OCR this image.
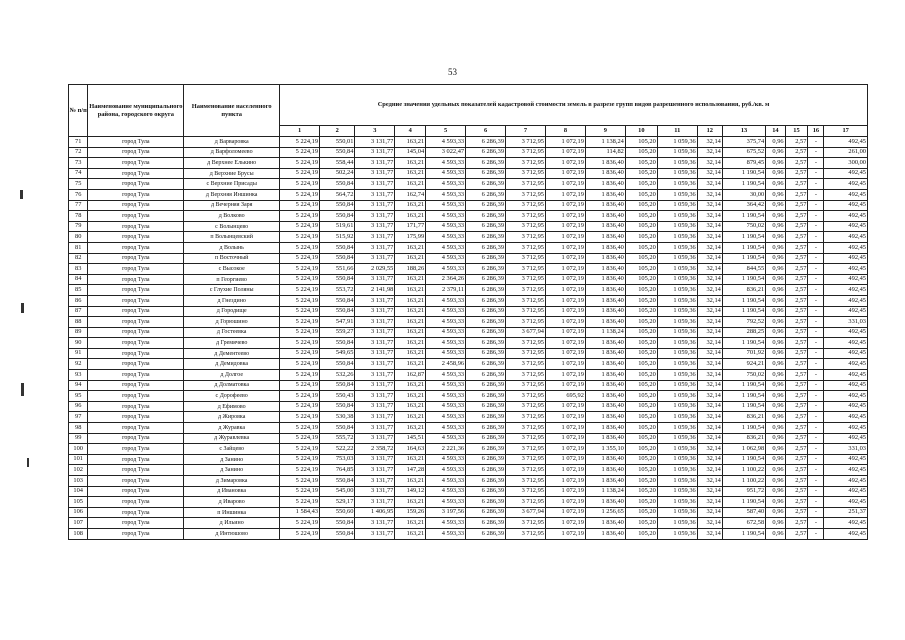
53
№ п/п	Наименование муниципального района, городского округа	Наименование населенного пункта	Средние значения удельных показателей кадастровой стоимости земель в разрезе групп видов разрешенного использования, руб./кв. м																
			1	2	3	4	5	6	7	8	9	10	11	12	13	14	15	16	17
71	город Тула	д Варваровка	5 224,19	550,01	3 131,77	163,21	4 593,33	6 286,39	3 712,95	1 072,19	1 138,24	105,20	1 059,36	32,14	375,74	0,96	2,57	-	492,45
72	город Тула	д Варфоломеево	5 224,19	550,84	3 131,77	145,04	3 022,47	6 286,39	3 712,95	1 072,19	114,82	105,20	1 059,36	32,14	675,52	0,96	2,57	-	261,00
73	город Тула	д Верхнее Елькино	5 224,19	558,44	3 131,77	163,21	4 593,33	6 286,39	3 712,95	1 072,19	1 836,40	105,20	1 059,36	32,14	879,45	0,96	2,57	-	300,00
74	город Тула	д Верхние Брусы	5 224,19	502,24	3 131,77	163,21	4 593,33	6 286,39	3 712,95	1 072,19	1 836,40	105,20	1 059,36	32,14	1 190,54	0,96	2,57	-	492,45
75	город Тула	с Верхние Присады	5 224,19	550,84	3 131,77	163,21	4 593,33	6 286,39	3 712,95	1 072,19	1 836,40	105,20	1 059,36	32,14	1 190,54	0,96	2,57	-	492,45
76	город Тула	д Верхняя Иншинка	5 224,19	564,72	3 131,77	162,74	4 593,33	6 286,39	3 712,95	1 072,19	1 836,40	105,20	1 059,36	32,14	30,00	0,96	2,57	-	492,45
77	город Тула	д Вечерняя Заря	5 224,19	550,84	3 131,77	163,21	4 593,33	6 286,39	3 712,95	1 072,19	1 836,40	105,20	1 059,36	32,14	364,42	0,96	2,57	-	492,45
78	город Тула	д Волково	5 224,19	550,84	3 131,77	163,21	4 593,33	6 286,39	3 712,95	1 072,19	1 836,40	105,20	1 059,36	32,14	1 190,54	0,96	2,57	-	492,45
79	город Тула	с Волынцево	5 224,19	519,61	3 131,77	171,77	4 593,33	6 286,39	3 712,95	1 072,19	1 836,40	105,20	1 059,36	32,14	750,02	0,96	2,57	-	492,45
80	город Тула	п Волынцевский	5 224,19	515,92	3 131,77	175,99	4 593,33	6 286,39	3 712,95	1 072,19	1 836,40	105,20	1 059,36	32,14	1 190,54	0,96	2,57	-	492,45
81	город Тула	д Волынь	5 224,19	550,84	3 131,77	163,21	4 593,33	6 286,39	3 712,95	1 072,19	1 836,40	105,20	1 059,36	32,14	1 190,54	0,96	2,57	-	492,45
82	город Тула	п Восточный	5 224,19	550,84	3 131,77	163,21	4 593,33	6 286,39	3 712,95	1 072,19	1 836,40	105,20	1 059,36	32,14	1 190,54	0,96	2,57	-	492,45
83	город Тула	с Высокое	5 224,19	551,66	2 029,55	188,26	4 593,33	6 286,39	3 712,95	1 072,19	1 836,40	105,20	1 059,36	32,14	844,55	0,96	2,57	-	492,45
84	город Тула	п Георгиево	5 224,19	550,84	3 131,77	163,21	2 364,26	6 286,39	3 712,95	1 072,19	1 836,40	105,20	1 059,36	32,14	1 190,54	0,96	2,57	-	492,45
85	город Тула	с Глухие Поляны	5 224,19	553,72	2 141,98	163,21	2 379,11	6 286,39	3 712,95	1 072,19	1 836,40	105,20	1 059,36	32,14	836,21	0,96	2,57	-	492,45
86	город Тула	д Гнездино	5 224,19	550,84	3 131,77	163,21	4 593,33	6 286,39	3 712,95	1 072,19	1 836,40	105,20	1 059,36	32,14	1 190,54	0,96	2,57	-	492,45
87	город Тула	д Городище	5 224,19	550,84	3 131,77	163,21	4 593,33	6 286,39	3 712,95	1 072,19	1 836,40	105,20	1 059,36	32,14	1 190,54	0,96	2,57	-	492,45
88	город Тула	д Горюшино	5 224,19	547,91	3 131,77	163,21	4 593,33	6 286,39	3 712,95	1 072,19	1 836,40	105,20	1 059,36	32,14	792,52	0,96	2,57	-	331,03
89	город Тула	д Гостеевка	5 224,19	559,27	3 131,77	163,21	4 593,33	6 286,39	3 677,94	1 072,19	1 138,24	105,20	1 059,36	32,14	288,25	0,96	2,57	-	492,45
90	город Тула	д Гремячево	5 224,19	550,84	3 131,77	163,21	4 593,33	6 286,39	3 712,95	1 072,19	1 836,40	105,20	1 059,36	32,14	1 190,54	0,96	2,57	-	492,45
91	город Тула	д Дементеево	5 224,19	549,65	3 131,77	163,21	4 593,33	6 286,39	3 712,95	1 072,19	1 836,40	105,20	1 059,36	32,14	701,92	0,96	2,57	-	492,45
92	город Тула	д Демидовка	5 224,19	550,84	3 131,77	163,21	2 458,96	6 286,39	3 712,95	1 072,19	1 836,40	105,20	1 059,36	32,14	924,21	0,96	2,57	-	492,45
93	город Тула	д Долгое	5 224,19	532,26	3 131,77	162,87	4 593,33	6 286,39	3 712,95	1 072,19	1 836,40	105,20	1 059,36	32,14	750,02	0,96	2,57	-	492,45
94	город Тула	д Долматовка	5 224,19	550,84	3 131,77	163,21	4 593,33	6 286,39	3 712,95	1 072,19	1 836,40	105,20	1 059,36	32,14	1 190,54	0,96	2,57	-	492,45
95	город Тула	с Дорофеево	5 224,19	550,43	3 131,77	163,21	4 593,33	6 286,39	3 712,95	695,92	1 836,40	105,20	1 059,36	32,14	1 190,54	0,96	2,57	-	492,45
96	город Тула	д Ефимово	5 224,19	550,84	3 131,77	163,21	4 593,33	6 286,39	3 712,95	1 072,19	1 836,40	105,20	1 059,36	32,14	1 190,54	0,96	2,57	-	492,45
97	город Тула	д Жировка	5 224,19	530,38	3 131,77	163,21	4 593,33	6 286,39	3 712,95	1 072,19	1 836,40	105,20	1 059,36	32,14	836,21	0,96	2,57	-	492,45
98	город Тула	д Журавка	5 224,19	550,84	3 131,77	163,21	4 593,33	6 286,39	3 712,95	1 072,19	1 836,40	105,20	1 059,36	32,14	1 190,54	0,96	2,57	-	492,45
99	город Тула	д Журавлевка	5 224,19	555,72	3 131,77	145,51	4 593,33	6 286,39	3 712,95	1 072,19	1 836,40	105,20	1 059,36	32,14	836,21	0,96	2,57	-	492,45
100	город Тула	с Зайцево	5 224,19	522,22	2 358,72	164,63	2 221,36	6 286,39	3 712,95	1 072,19	1 355,10	105,20	1 059,36	32,14	1 062,98	0,96	2,57	-	331,03
101	город Тула	д Занино	5 224,19	753,03	3 131,77	163,21	4 593,33	6 286,39	3 712,95	1 072,19	1 836,40	105,20	1 059,36	32,14	1 190,54	0,96	2,57	-	492,45
102	город Тула	д Занино	5 224,19	764,85	3 131,77	147,28	4 593,33	6 286,39	3 712,95	1 072,19	1 836,40	105,20	1 059,36	32,14	1 100,22	0,96	2,57	-	492,45
103	город Тула	д Зимаровка	5 224,19	550,84	3 131,77	163,21	4 593,33	6 286,39	3 712,95	1 072,19	1 836,40	105,20	1 059,36	32,14	1 100,22	0,96	2,57	-	492,45
104	город Тула	д Ивановка	5 224,19	545,00	3 131,77	149,12	4 593,33	6 286,39	3 712,95	1 072,19	1 138,24	105,20	1 059,36	32,14	951,72	0,96	2,57	-	492,45
105	город Тула	д Иварово	5 224,19	529,17	3 131,77	163,21	4 593,33	6 286,39	3 712,95	1 072,19	1 836,40	105,20	1 059,36	32,14	1 190,54	0,96	2,57	-	492,45
106	город Тула	п Иншинка	1 584,43	550,60	1 406,95	159,26	3 197,56	6 286,39	3 677,94	1 072,19	1 256,65	105,20	1 059,36	32,14	587,40	0,96	2,57	-	251,37
107	город Тула	д Ильино	5 224,19	550,84	3 131,77	163,21	4 593,33	6 286,39	3 712,95	1 072,19	1 836,40	105,20	1 059,36	32,14	672,58	0,96	2,57	-	492,45
108	город Тула	д Интюшово	5 224,19	550,84	3 131,77	163,21	4 593,33	6 286,39	3 712,95	1 072,19	1 836,40	105,20	1 059,36	32,14	1 190,54	0,96	2,57	-	492,45
